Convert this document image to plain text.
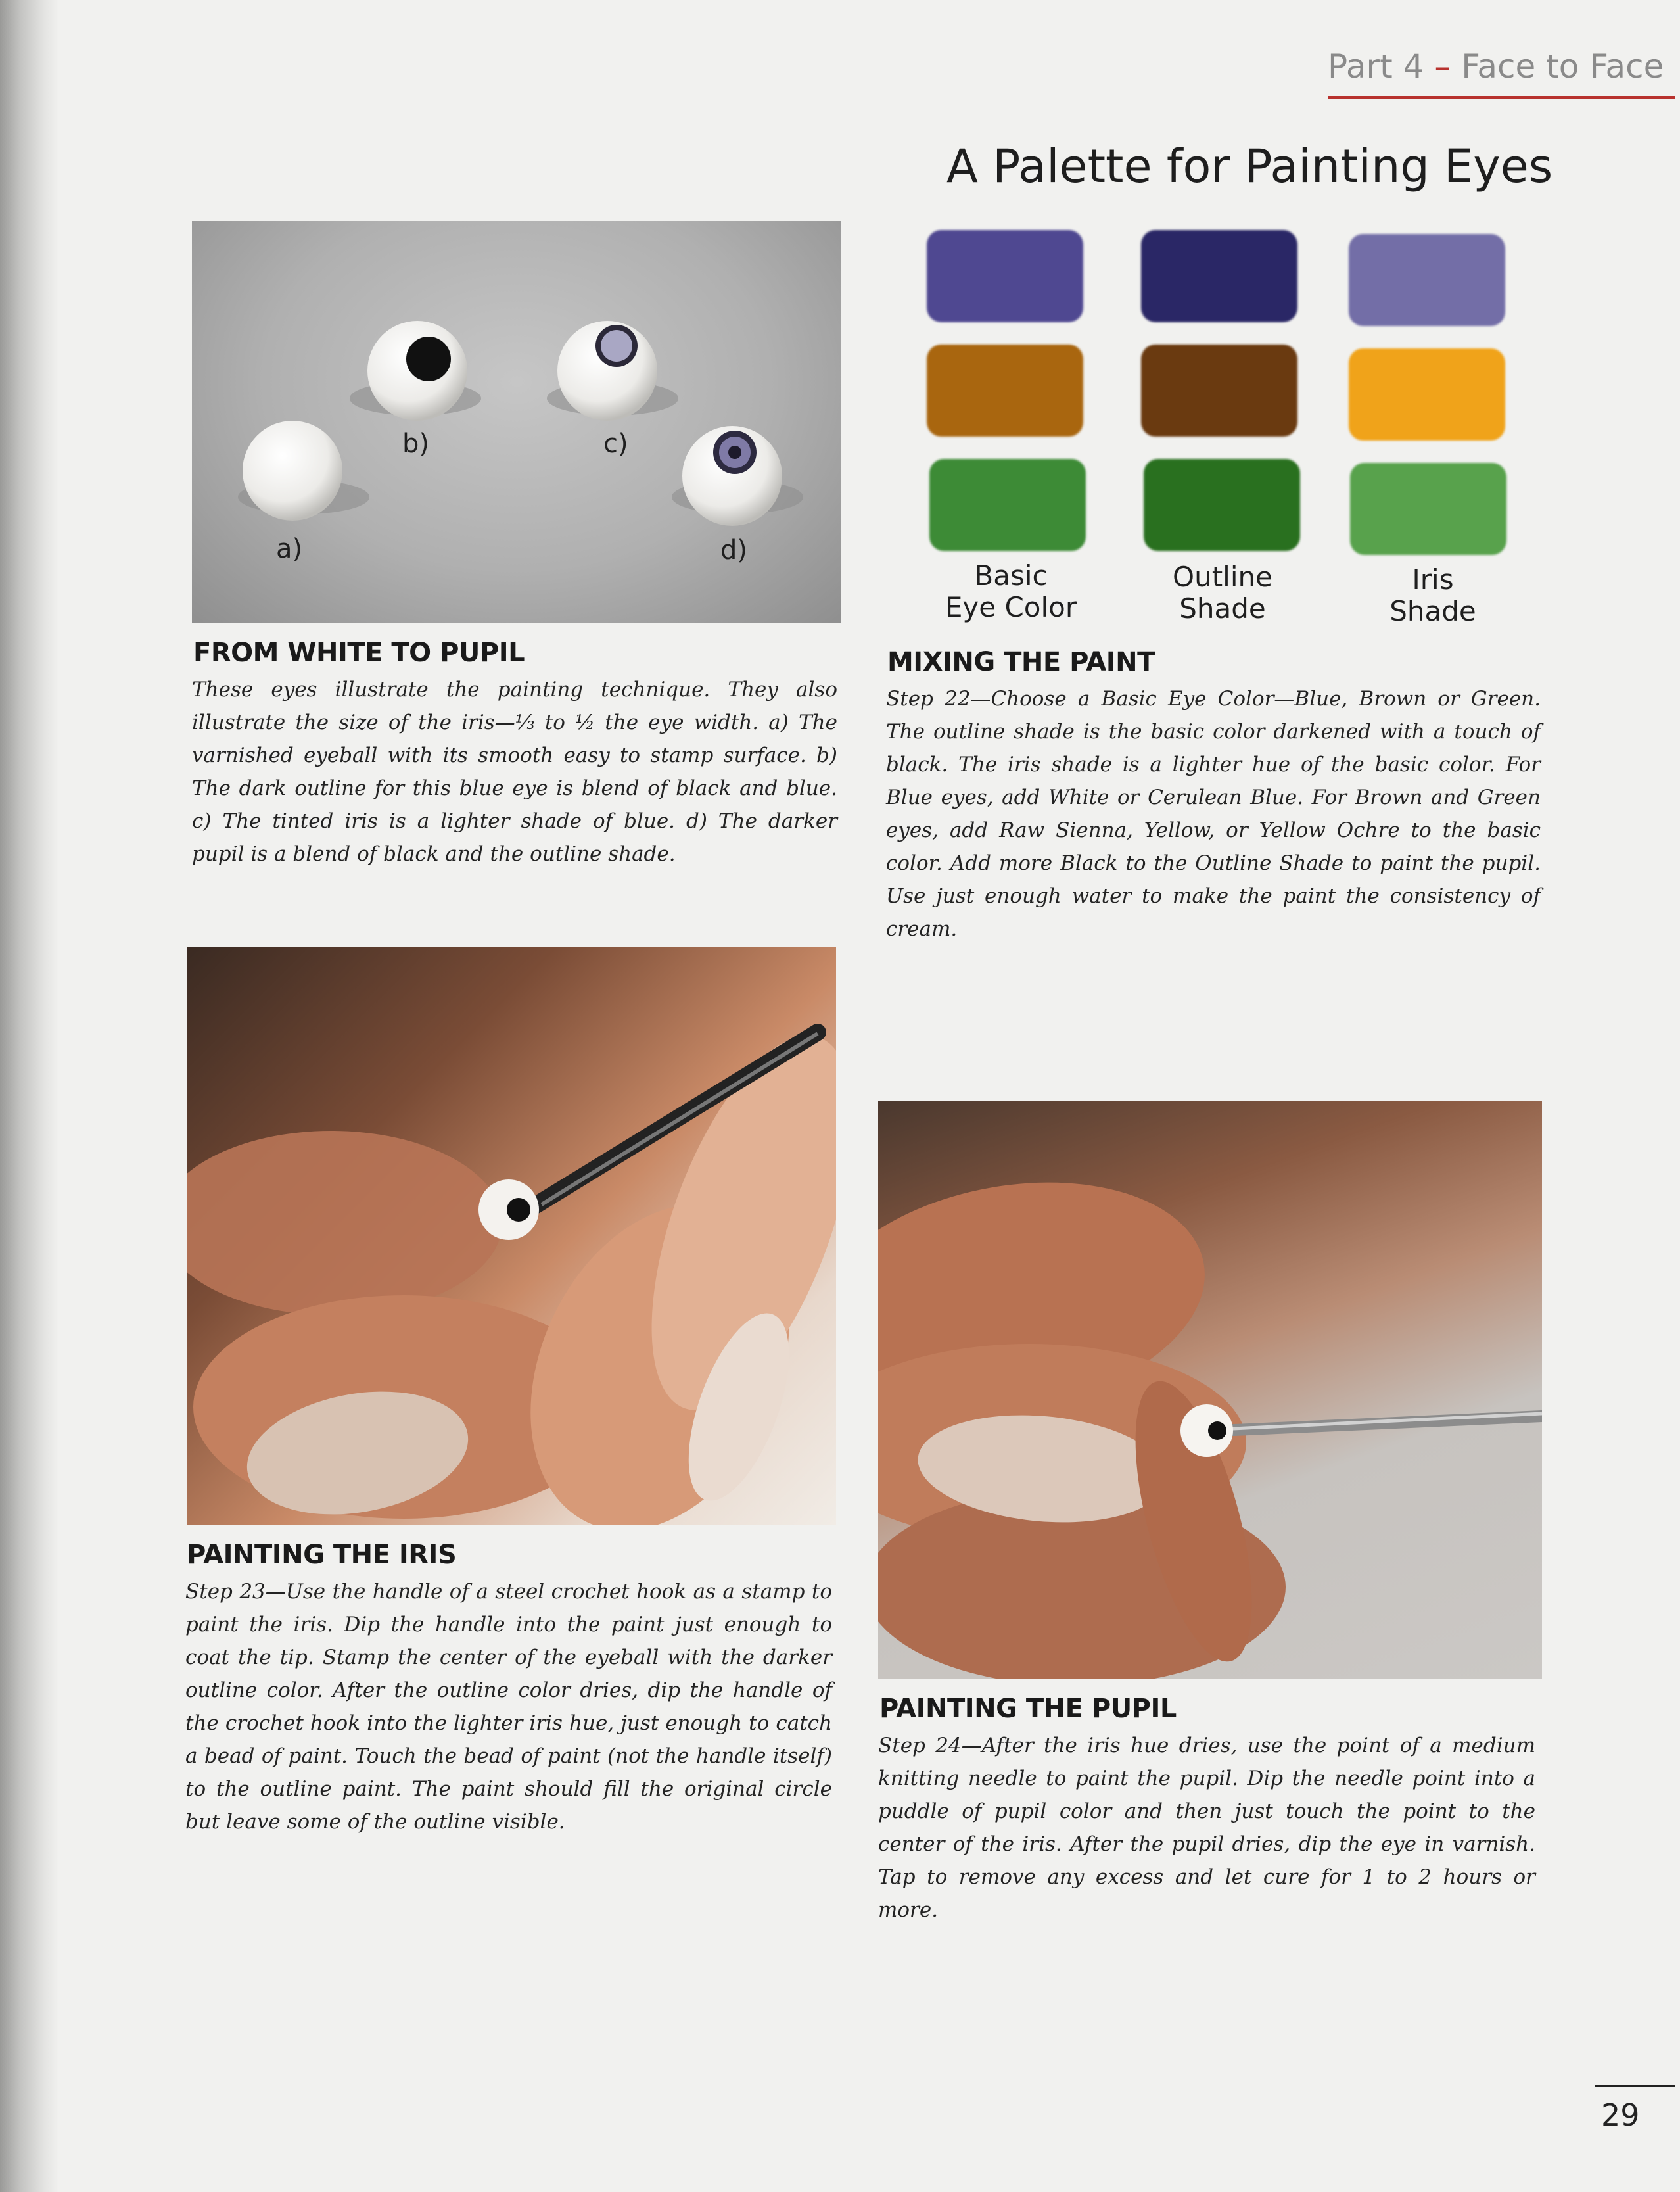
Part 4 – Face to Face
A Palette for Painting Eyes
Basic
Eye Color
Outline
Shade
Iris
Shade
a)
b)	c)
d)
FROM WHITE TO PUPIL
These eyes illustrate the painting technique. They also illustrate the size of the iris—⅓ to ½ the eye width. a) The varnished eyeball with its smooth easy to stamp surface. b) The dark outline for this blue eye is blend of black and blue. c) The tinted iris is a lighter shade of blue. d) The darker pupil is a blend of black and the outline shade.
MIXING THE PAINT
Step 22—Choose a Basic Eye Color—Blue, Brown or Green. The outline shade is the basic color darkened with a touch of black. The iris shade is a lighter hue of the basic color. For Blue eyes, add White or Cerulean Blue. For Brown and Green eyes, add Raw Sienna, Yellow, or Yellow Ochre to the basic color. Add more Black to the Outline Shade to paint the pupil. Use just enough water to make the paint the consistency of cream.
PAINTING THE IRIS
Step 23—Use the handle of a steel crochet hook as a stamp to paint the iris. Dip the handle into the paint just enough to coat the tip. Stamp the center of the eyeball with the darker outline color. After the outline color dries, dip the handle of the crochet hook into the lighter iris hue, just enough to catch a bead of paint. Touch the bead of paint (not the handle itself) to the outline paint. The paint should fill the original circle but leave some of the outline visible.
PAINTING THE PUPIL
Step 24—After the iris hue dries, use the point of a medium knitting needle to paint the pupil. Dip the needle point into a puddle of pupil color and then just touch the point to the center of the iris. After the pupil dries, dip the eye in varnish. Tap to remove any excess and let cure for 1 to 2 hours or more.
29
